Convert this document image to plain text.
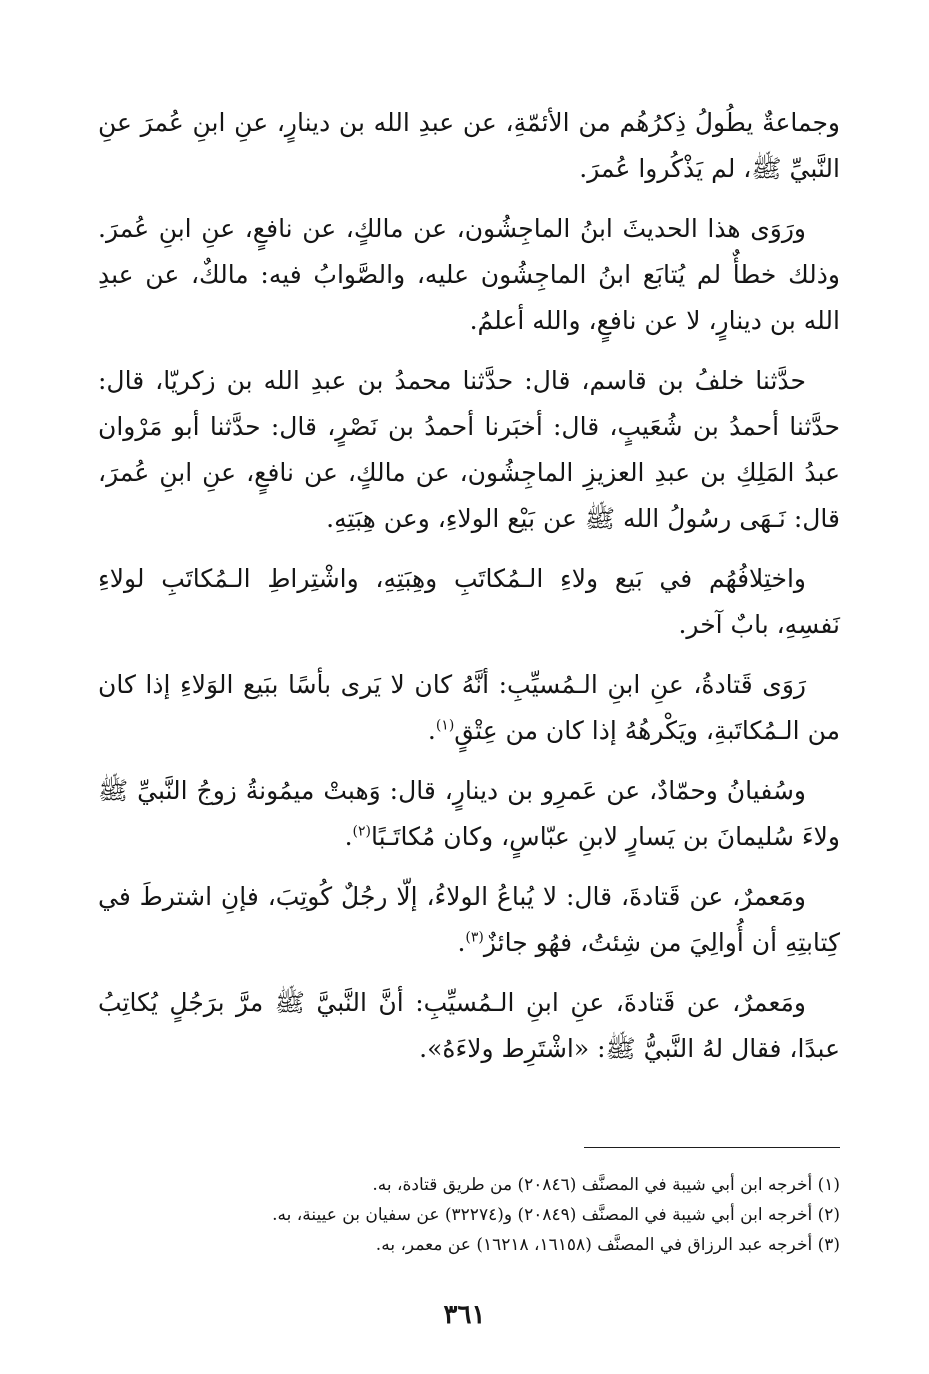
وجماعةٌ يطُولُ ذِكرُهُم من الأئمّةِ، عن عبدِ الله بن دينارٍ، عنِ ابنِ عُمرَ عنِ النَّبيِّ ﷺ، لم يَذْكُروا عُمرَ.

ورَوَى هذا الحديثَ ابنُ الماجِشُون، عن مالكٍ، عن نافعٍ، عنِ ابنِ عُمرَ. وذلك خطأٌ لم يُتابَع ابنُ الماجِشُون عليه، والصَّوابُ فيه: مالكٌ، عن عبدِ الله بن دينارٍ، لا عن نافعٍ، والله أعلمُ.

حدَّثنا خلفُ بن قاسم، قال: حدَّثنا محمدُ بن عبدِ الله بن زكريّا، قال: حدَّثنا أحمدُ بن شُعَيبٍ، قال: أخبَرنا أحمدُ بن نَصْرٍ، قال: حدَّثنا أبو مَرْوان عبدُ المَلِكِ بن عبدِ العزيزِ الماجِشُون، عن مالكٍ، عن نافعٍ، عنِ ابنِ عُمرَ، قال: نَـهَى رسُولُ الله ﷺ عن بَيْع الولاءِ، وعن هِبَتِهِ.

واختِلافُهُم في بَيع ولاءِ الـمُكاتَبِ وهِبَتِهِ، واشْتِراطِ الـمُكاتَبِ لولاءِ نَفسِهِ، بابٌ آخر.

رَوَى قَتادةُ، عنِ ابنِ الـمُسيِّبِ: أنَّهُ كان لا يَرى بأسًا ببَيع الوَلاءِ إذا كان من الـمُكاتَبةِ، ويَكْرهُهُ إذا كان من عِتْقٍ$^{(١)}$.

وسُفيانُ وحمّادٌ، عن عَمرِو بن دينارٍ، قال: وَهبتْ ميمُونةُ زوجُ النَّبيِّ ﷺ ولاءَ سُليمانَ بن يَسارٍ لابنِ عبّاسٍ، وكان مُكاتَـبًا$^{(٢)}$.

ومَعمرٌ، عن قَتادةَ، قال: لا يُباعُ الولاءُ، إلّا رجُلٌ كُوتِبَ، فإنِ اشترطَ في كِتابتِهِ أن أُوالِيَ من شِئتُ، فهُو جائزٌ$^{(٣)}$.

ومَعمرٌ، عن قَتادةَ، عنِ ابنِ الـمُسيِّبِ: أنَّ النَّبيَّ ﷺ مرَّ برَجُلٍ يُكاتِبُ عبدًا، فقال لهُ النَّبيُّ ﷺ: «اشْتَرِط ولاءَهُ».

(١) أخرجه ابن أبي شيبة في المصنَّف (٢٠٨٤٦) من طريق قتادة، به.

(٢) أخرجه ابن أبي شيبة في المصنَّف (٢٠٨٤٩) و(٣٢٢٧٤) عن سفيان بن عيينة، به.

(٣) أخرجه عبد الرزاق في المصنَّف (١٦١٥٨، ١٦٢١٨) عن معمر، به.

٣٦١
